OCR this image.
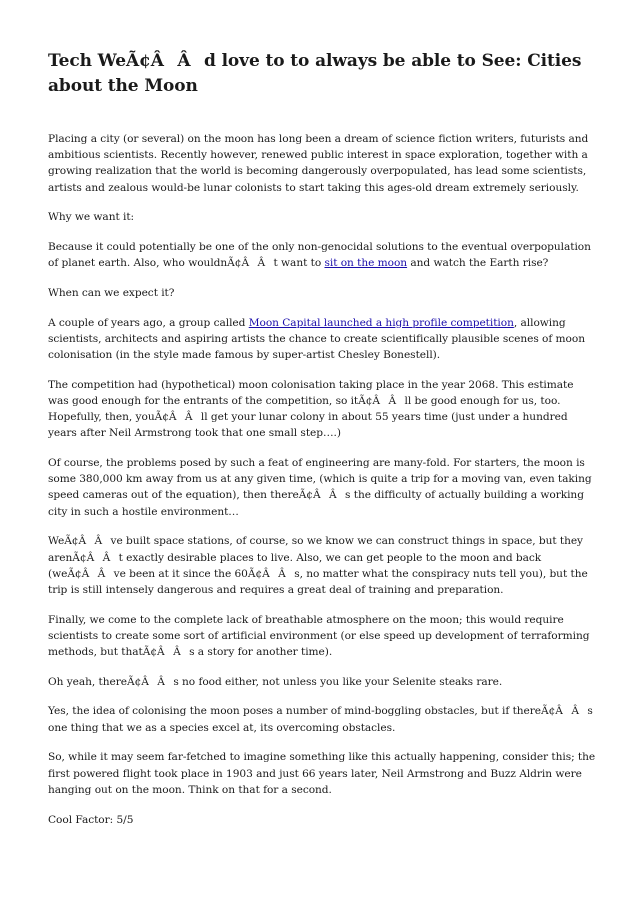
Tech WeÃ¢ÂÂd love to to always be able to See: Cities about the Moon

Placing a city (or several) on the moon has long been a dream of science fiction writers, futurists and ambitious scientists. Recently however, renewed public interest in space exploration, together with a growing realization that the world is becoming dangerously overpopulated, has lead some scientists, artists and zealous would-be lunar colonists to start taking this ages-old dream extremely seriously.

Why we want it:

Because it could potentially be one of the only non-genocidal solutions to the eventual overpopulation of planet earth. Also, who wouldnÃ¢ÂÂt want to sit on the moon and watch the Earth rise?

When can we expect it?

A couple of years ago, a group called Moon Capital launched a high profile competition, allowing scientists, architects and aspiring artists the chance to create scientifically plausible scenes of moon colonisation (in the style made famous by super-artist Chesley Bonestell).

The competition had (hypothetical) moon colonisation taking place in the year 2068. This estimate was good enough for the entrants of the competition, so itÃ¢ÂÂll be good enough for us, too. Hopefully, then, youÃ¢ÂÂll get your lunar colony in about 55 years time (just under a hundred years after Neil Armstrong took that one small step….)

Of course, the problems posed by such a feat of engineering are many-fold. For starters, the moon is some 380,000 km away from us at any given time, (which is quite a trip for a moving van, even taking speed cameras out of the equation), then thereÃ¢ÂÂs the difficulty of actually building a working city in such a hostile environment…

WeÃ¢ÂÂve built space stations, of course, so we know we can construct things in space, but they arenÃ¢ÂÂt exactly desirable places to live. Also, we can get people to the moon and back (weÃ¢ÂÂve been at it since the 60Ã¢ÂÂs, no matter what the conspiracy nuts tell you), but the trip is still intensely dangerous and requires a great deal of training and preparation.

Finally, we come to the complete lack of breathable atmosphere on the moon; this would require scientists to create some sort of artificial environment (or else speed up development of terraforming methods, but thatÃ¢ÂÂs a story for another time).

Oh yeah, thereÃ¢ÂÂs no food either, not unless you like your Selenite steaks rare.

Yes, the idea of colonising the moon poses a number of mind-boggling obstacles, but if thereÃ¢ÂÂs one thing that we as a species excel at, its overcoming obstacles.

So, while it may seem far-fetched to imagine something like this actually happening, consider this; the first powered flight took place in 1903 and just 66 years later, Neil Armstrong and Buzz Aldrin were hanging out on the moon. Think on that for a second.

Cool Factor: 5/5
